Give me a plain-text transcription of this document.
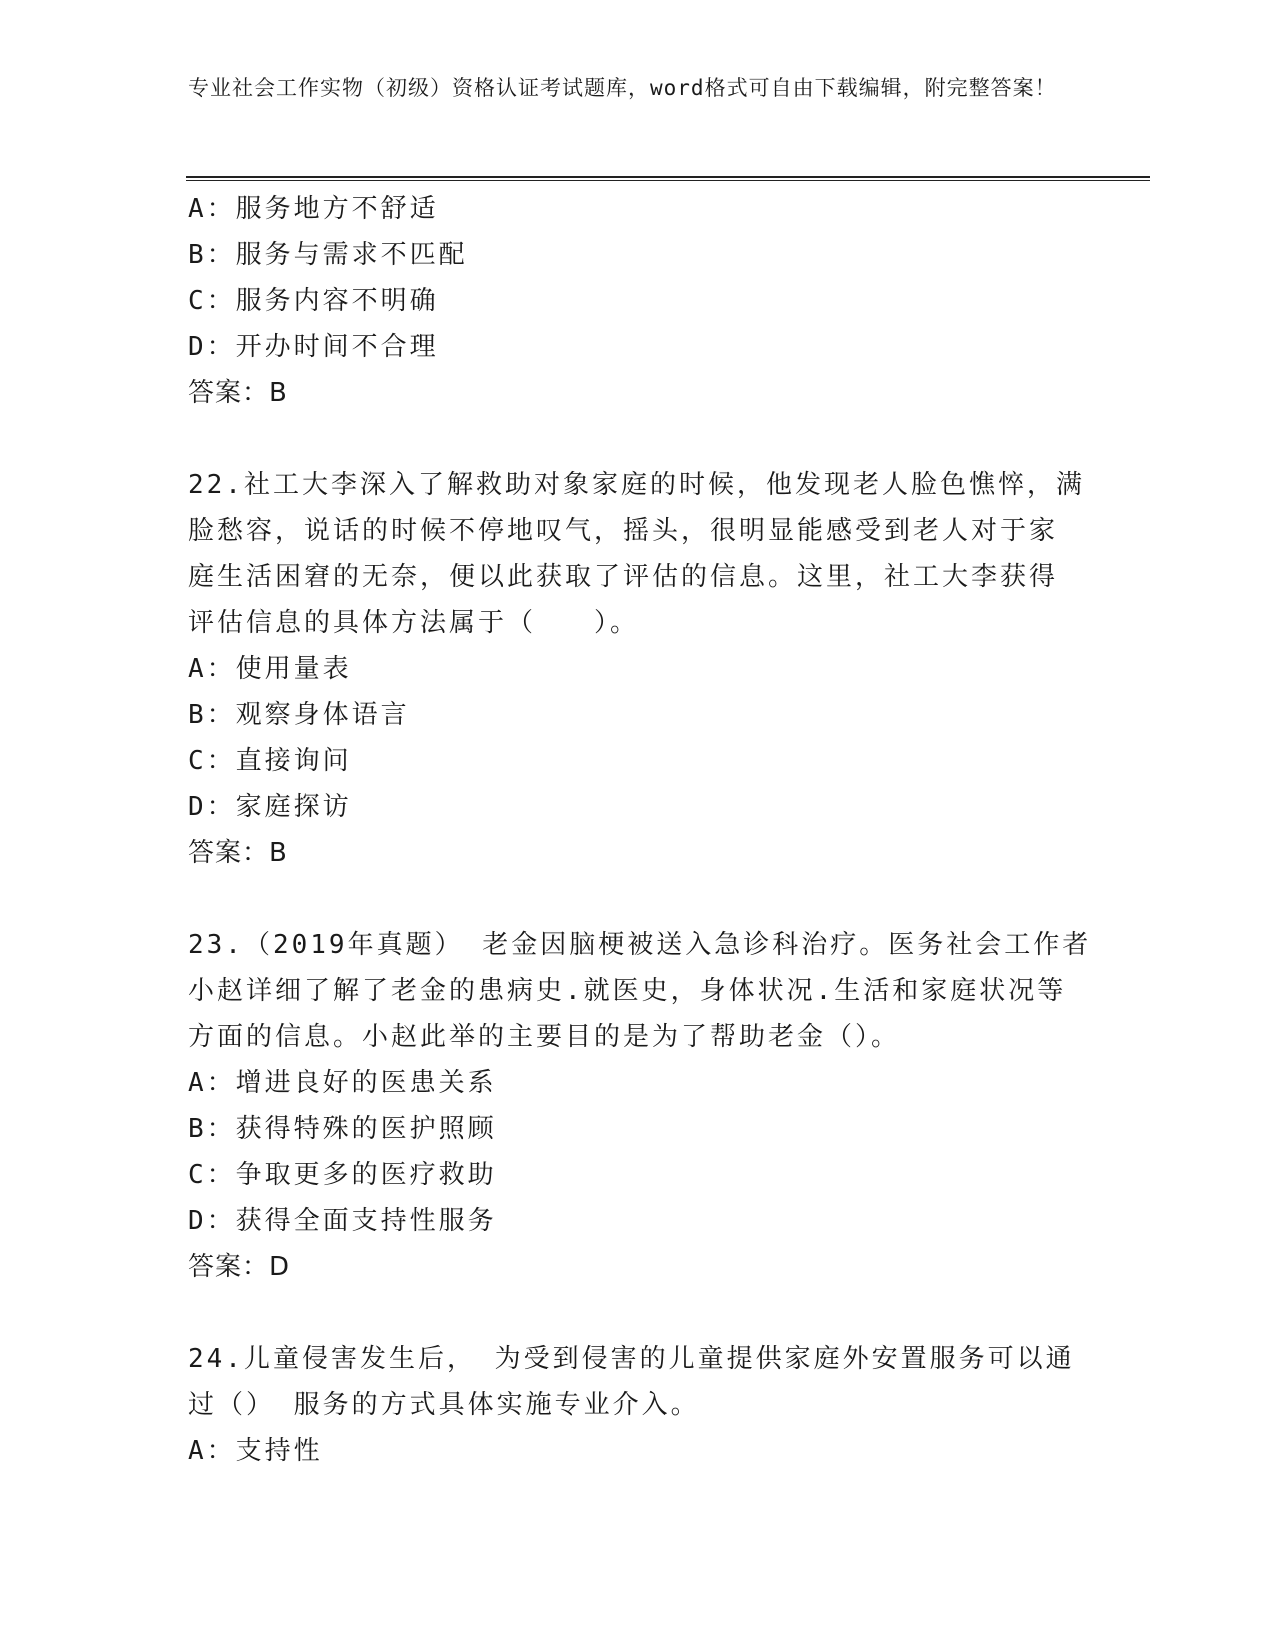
专业社会工作实物（初级）资格认证考试题库，word格式可自由下载编辑，附完整答案！
A：服务地方不舒适
B：服务与需求不匹配
C：服务内容不明确
D：开办时间不合理
答案：B
22.社工大李深入了解救助对象家庭的时候，他发现老人脸色憔悴，满
脸愁容，说话的时候不停地叹气，摇头，很明显能感受到老人对于家
庭生活困窘的无奈，便以此获取了评估的信息。这里，社工大李获得
评估信息的具体方法属于（　　）。
A：使用量表
B：观察身体语言
C：直接询问
D：家庭探访
答案：B
23.（2019年真题） 老金因脑梗被送入急诊科治疗。医务社会工作者
小赵详细了解了老金的患病史.就医史，身体状况.生活和家庭状况等
方面的信息。小赵此举的主要目的是为了帮助老金（）。
A：增进良好的医患关系
B：获得特殊的医护照顾
C：争取更多的医疗救助
D：获得全面支持性服务
答案：D
24.儿童侵害发生后， 为受到侵害的儿童提供家庭外安置服务可以通
过（） 服务的方式具体实施专业介入。
A：支持性
